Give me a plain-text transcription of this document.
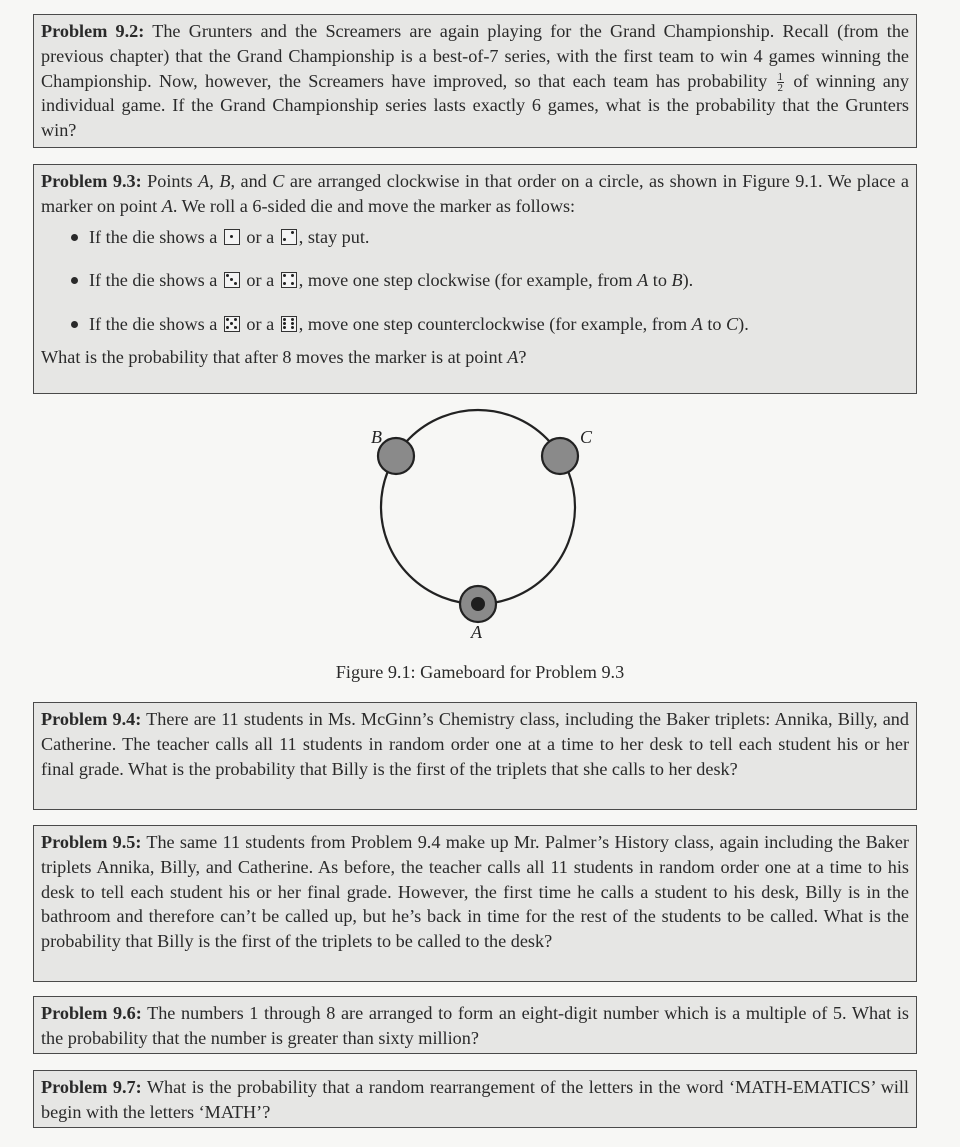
Problem 9.2: The Grunters and the Screamers are again playing for the Grand Championship. Recall (from the previous chapter) that the Grand Championship is a best-of-7 series, with the first team to win 4 games winning the Championship. Now, however, the Screamers have improved, so that each team has probability $\frac{1}{2}$ of winning any individual game. If the Grand Championship series lasts exactly 6 games, what is the probability that the Grunters win?
Problem 9.3: Points A, B, and C are arranged clockwise in that order on a circle, as shown in Figure 9.1. We place a marker on point A. We roll a 6-sided die and move the marker as follows:
If the die shows a
or a
, stay put.
If the die shows a
or a
, move one step clockwise (for example, from A to B).
If the die shows a
or a
, move one step counterclockwise (for example, from A to C).
What is the probability that after 8 moves the marker is at point A?
B	C
A
Figure 9.1: Gameboard for Problem 9.3
Problem 9.4: There are 11 students in Ms. McGinn’s Chemistry class, including the Baker triplets: Annika, Billy, and Catherine. The teacher calls all 11 students in random order one at a time to her desk to tell each student his or her final grade. What is the probability that Billy is the first of the triplets that she calls to her desk?
Problem 9.5: The same 11 students from Problem 9.4 make up Mr. Palmer’s History class, again including the Baker triplets Annika, Billy, and Catherine. As before, the teacher calls all 11 students in random order one at a time to his desk to tell each student his or her final grade. However, the first time he calls a student to his desk, Billy is in the bathroom and therefore can’t be called up, but he’s back in time for the rest of the students to be called. What is the probability that Billy is the first of the triplets to be called to the desk?
Problem 9.6: The numbers 1 through 8 are arranged to form an eight-digit number which is a multiple of 5. What is the probability that the number is greater than sixty million?
Problem 9.7: What is the probability that a random rearrangement of the letters in the word ‘MATH-EMATICS’ will begin with the letters ‘MATH’?
